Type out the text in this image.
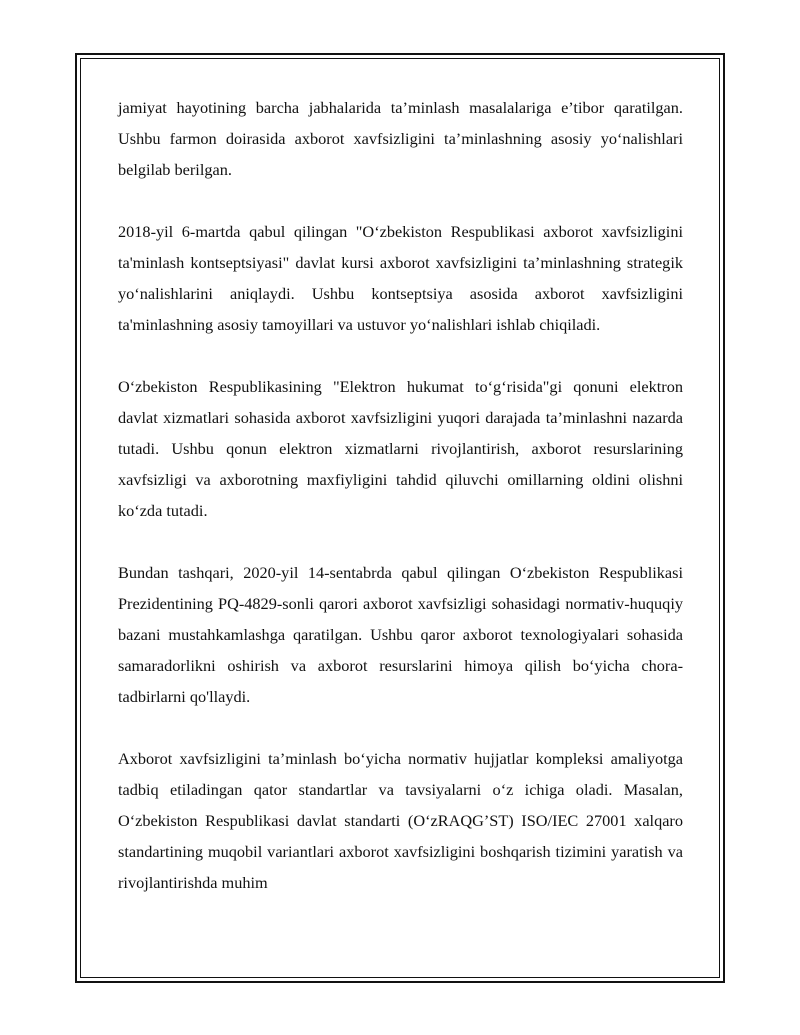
jamiyat hayotining barcha jabhalarida ta’minlash masalalariga e’tibor qaratilgan. Ushbu farmon doirasida axborot xavfsizligini ta’minlashning asosiy yo‘nalishlari belgilab berilgan.

2018-yil 6-martda qabul qilingan "O‘zbekiston Respublikasi axborot xavfsizligini ta'minlash kontseptsiyasi" davlat kursi axborot xavfsizligini ta’minlashning strategik yo‘nalishlarini aniqlaydi. Ushbu kontseptsiya asosida axborot xavfsizligini ta'minlashning asosiy tamoyillari va ustuvor yo‘nalishlari ishlab chiqiladi.

O‘zbekiston Respublikasining "Elektron hukumat to‘g‘risida"gi qonuni elektron davlat xizmatlari sohasida axborot xavfsizligini yuqori darajada ta’minlashni nazarda tutadi. Ushbu qonun elektron xizmatlarni rivojlantirish, axborot resurslarining xavfsizligi va axborotning maxfiyligini tahdid qiluvchi omillarning oldini olishni ko‘zda tutadi.

Bundan tashqari, 2020-yil 14-sentabrda qabul qilingan O‘zbekiston Respublikasi Prezidentining PQ-4829-sonli qarori axborot xavfsizligi sohasidagi normativ-huquqiy bazani mustahkamlashga qaratilgan. Ushbu qaror axborot texnologiyalari sohasida samaradorlikni oshirish va axborot resurslarini himoya qilish bo‘yicha chora-tadbirlarni qo'llaydi.

Axborot xavfsizligini ta’minlash bo‘yicha normativ hujjatlar kompleksi amaliyotga tadbiq etiladingan qator standartlar va tavsiyalarni o‘z ichiga oladi. Masalan, O‘zbekiston Respublikasi davlat standarti (O‘zRAQG’ST) ISO/IEC 27001 xalqaro standartining muqobil variantlari axborot xavfsizligini boshqarish tizimini yaratish va rivojlantirishda muhim
